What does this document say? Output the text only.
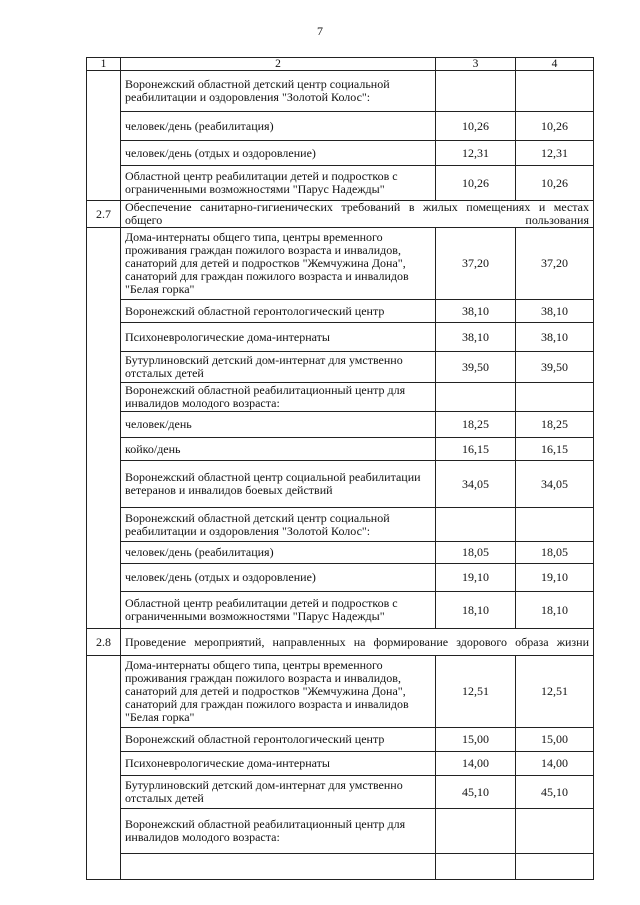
7
1	2	3	4
	Воронежский областной детский центр социальной реабилитации и оздоровления "Золотой Колос":		
	человек/день (реабилитация)	10,26	10,26
	человек/день (отдых и оздоровление)	12,31	12,31
	Областной центр реабилитации детей и подростков с ограниченными возможностями "Парус Надежды"	10,26	10,26
2.7	Обеспечение санитарно-гигиенических требований в жилых помещениях и местах общего пользования		
	Дома-интернаты общего типа, центры временного проживания граждан пожилого возраста и инвалидов, санаторий для детей и подростков "Жемчужина Дона", санаторий для граждан пожилого возраста и инвалидов "Белая горка"	37,20	37,20
	Воронежский областной геронтологический центр	38,10	38,10
	Психоневрологические дома-интернаты	38,10	38,10
	Бутурлиновский детский дом-интернат для умственно отсталых детей	39,50	39,50
	Воронежский областной реабилитационный центр для инвалидов молодого возраста:		
	человек/день	18,25	18,25
	койко/день	16,15	16,15
	Воронежский областной центр социальной реабилитации ветеранов и инвалидов боевых действий	34,05	34,05
	Воронежский областной детский центр социальной реабилитации и оздоровления "Золотой Колос":		
	человек/день (реабилитация)	18,05	18,05
	человек/день (отдых и оздоровление)	19,10	19,10
	Областной центр реабилитации детей и подростков с ограниченными возможностями "Парус Надежды"	18,10	18,10
2.8	Проведение мероприятий, направленных на формирование здорового образа жизни		
	Дома-интернаты общего типа, центры временного проживания граждан пожилого возраста и инвалидов, санаторий для детей и подростков "Жемчужина Дона", санаторий для граждан пожилого возраста и инвалидов "Белая горка"	12,51	12,51
	Воронежский областной геронтологический центр	15,00	15,00
	Психоневрологические дома-интернаты	14,00	14,00
	Бутурлиновский детский дом-интернат для умственно отсталых детей	45,10	45,10
	Воронежский областной реабилитационный центр для инвалидов молодого возраста:		
